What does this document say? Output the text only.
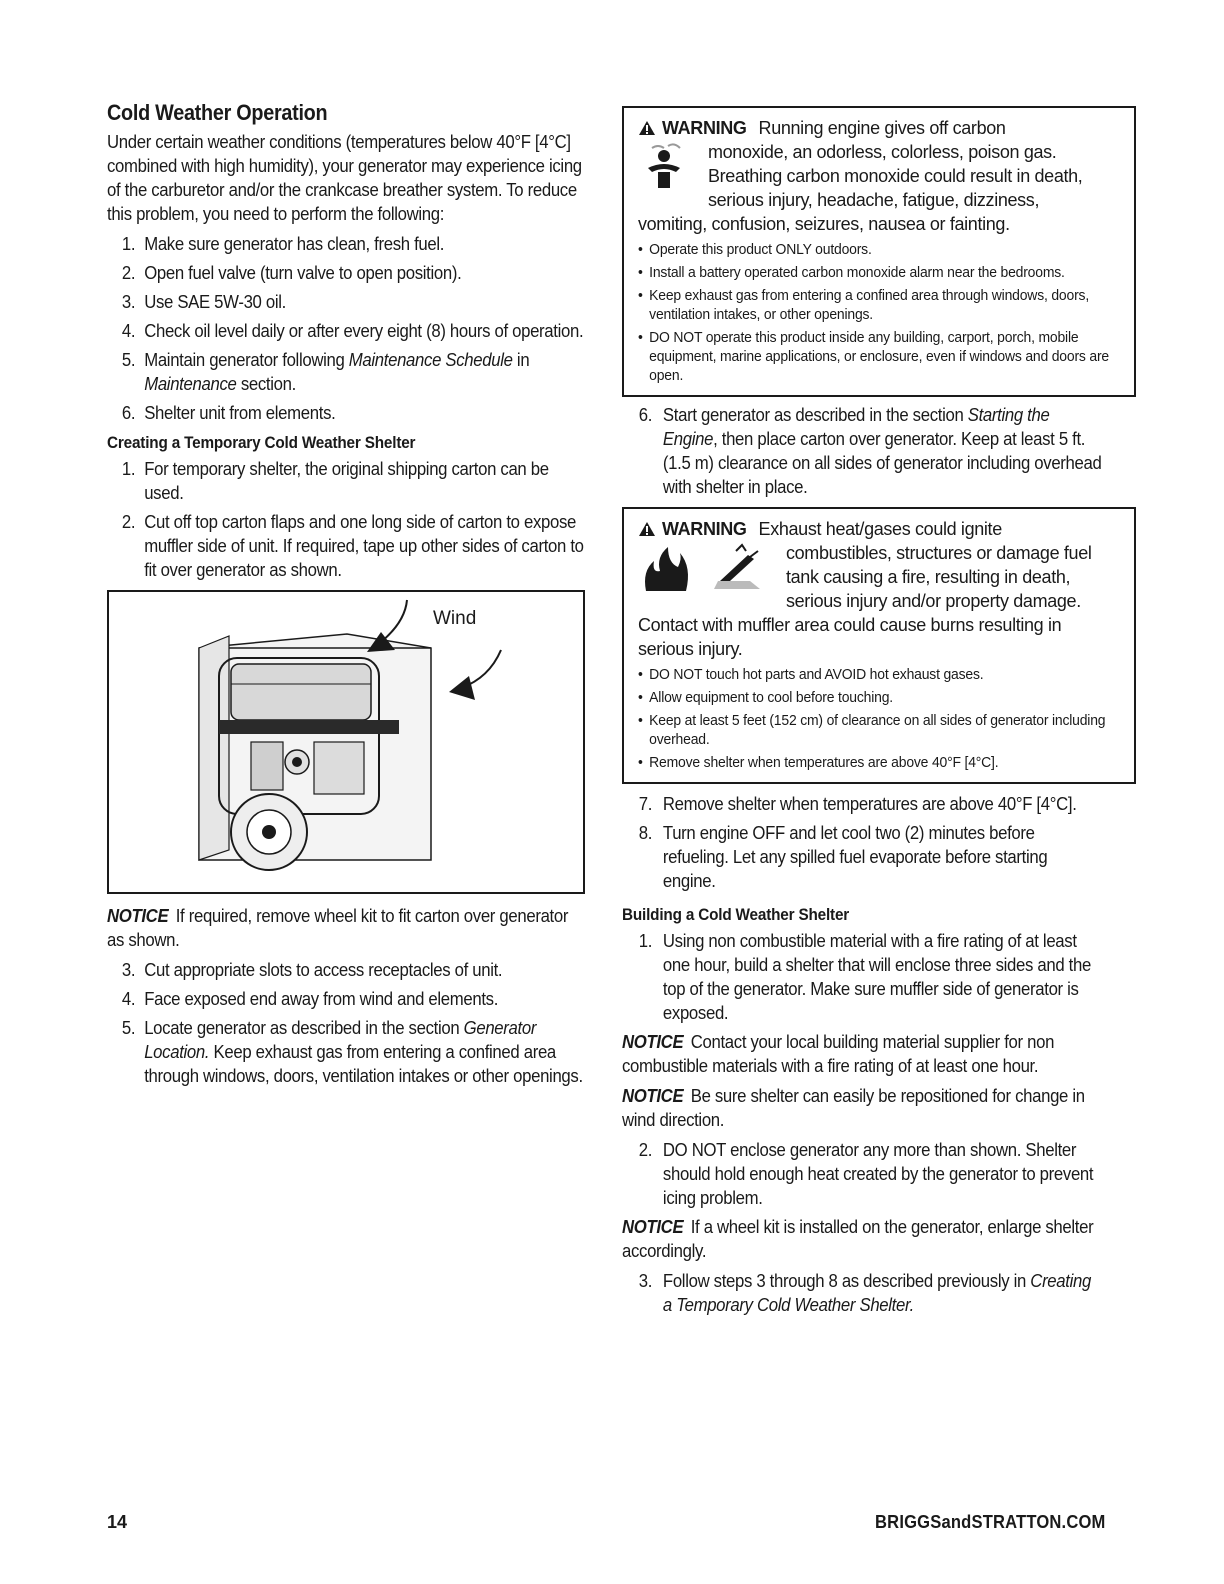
Cold Weather Operation

Under certain weather conditions (temperatures below 40°F [4°C] combined with high humidity), your generator may experience icing of the carburetor and/or the crankcase breather system. To reduce this problem, you need to perform the following:

1. Make sure generator has clean, fresh fuel.
2. Open fuel valve (turn valve to open position).
3. Use SAE 5W-30 oil.
4. Check oil level daily or after every eight (8) hours of operation.
5. Maintain generator following Maintenance Schedule in Maintenance section.
6. Shelter unit from elements.
Creating a Temporary Cold Weather Shelter
1. For temporary shelter, the original shipping carton can be used.
2. Cut off top carton flaps and one long side of carton to expose muffler side of unit. If required, tape up other sides of carton to fit over generator as shown.
Wind

NOTICE If required, remove wheel kit to fit carton over generator as shown.

3. Cut appropriate slots to access receptacles of unit.
4. Face exposed end away from wind and elements.
5. Locate generator as described in the section Generator Location. Keep exhaust gas from entering a confined area through windows, doors, ventilation intakes or other openings.
WARNING Running engine gives off carbon
monoxide, an odorless, colorless, poison gas. Breathing carbon monoxide could result in death, serious injury, headache, fatigue, dizziness,

vomiting, confusion, seizures, nausea or fainting.

• Operate this product ONLY outdoors.
• Install a battery operated carbon monoxide alarm near the bedrooms.
• Keep exhaust gas from entering a confined area through windows, doors, ventilation intakes, or other openings.
• DO NOT operate this product inside any building, carport, porch, mobile equipment, marine applications, or enclosure, even if windows and doors are open.
6. Start generator as described in the section Starting the Engine, then place carton over generator. Keep at least 5 ft. (1.5 m) clearance on all sides of generator including overhead with shelter in place.
WARNING Exhaust heat/gases could ignite
combustibles, structures or damage fuel tank causing a fire, resulting in death, serious injury and/or property damage.

Contact with muffler area could cause burns resulting in serious injury.

• DO NOT touch hot parts and AVOID hot exhaust gases.
• Allow equipment to cool before touching.
• Keep at least 5 feet (152 cm) of clearance on all sides of generator including overhead.
• Remove shelter when temperatures are above 40°F [4°C].
7. Remove shelter when temperatures are above 40°F [4°C].
8. Turn engine OFF and let cool two (2) minutes before refueling. Let any spilled fuel evaporate before starting engine.
Building a Cold Weather Shelter
1. Using non combustible material with a fire rating of at least one hour, build a shelter that will enclose three sides and the top of the generator. Make sure muffler side of generator is exposed.

NOTICE Contact your local building material supplier for non combustible materials with a fire rating of at least one hour.

NOTICE Be sure shelter can easily be repositioned for change in wind direction.

2. DO NOT enclose generator any more than shown. Shelter should hold enough heat created by the generator to prevent icing problem.

NOTICE If a wheel kit is installed on the generator, enlarge shelter accordingly.

3. Follow steps 3 through 8 as described previously in Creating a Temporary Cold Weather Shelter.
14	BRIGGSandSTRATTON.COM
